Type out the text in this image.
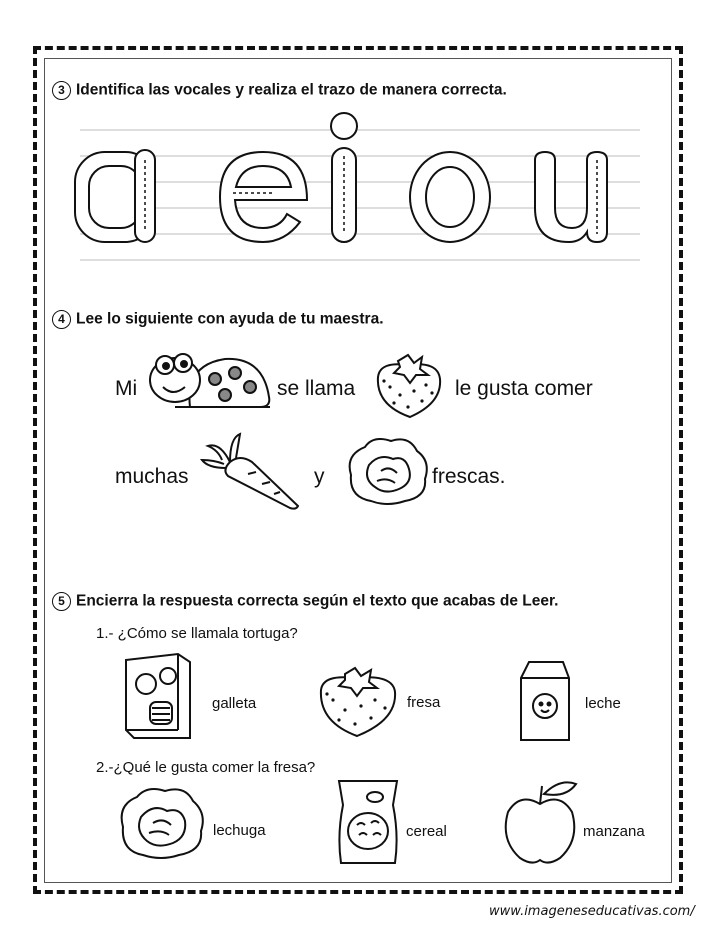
3 Identifica las vocales y realiza el trazo de manera correcta.
4 Lee lo siguiente con ayuda de tu maestra.
Mi	se llama	le gusta comer
muchas	y	frescas.
5 Encierra la respuesta correcta según el texto que acabas de Leer.
1.- ¿Cómo se llamala tortuga?
galleta	fresa	leche
2.-¿Qué le gusta comer la fresa?
lechuga	cereal	manzana
www.imageneseducativas.com/
